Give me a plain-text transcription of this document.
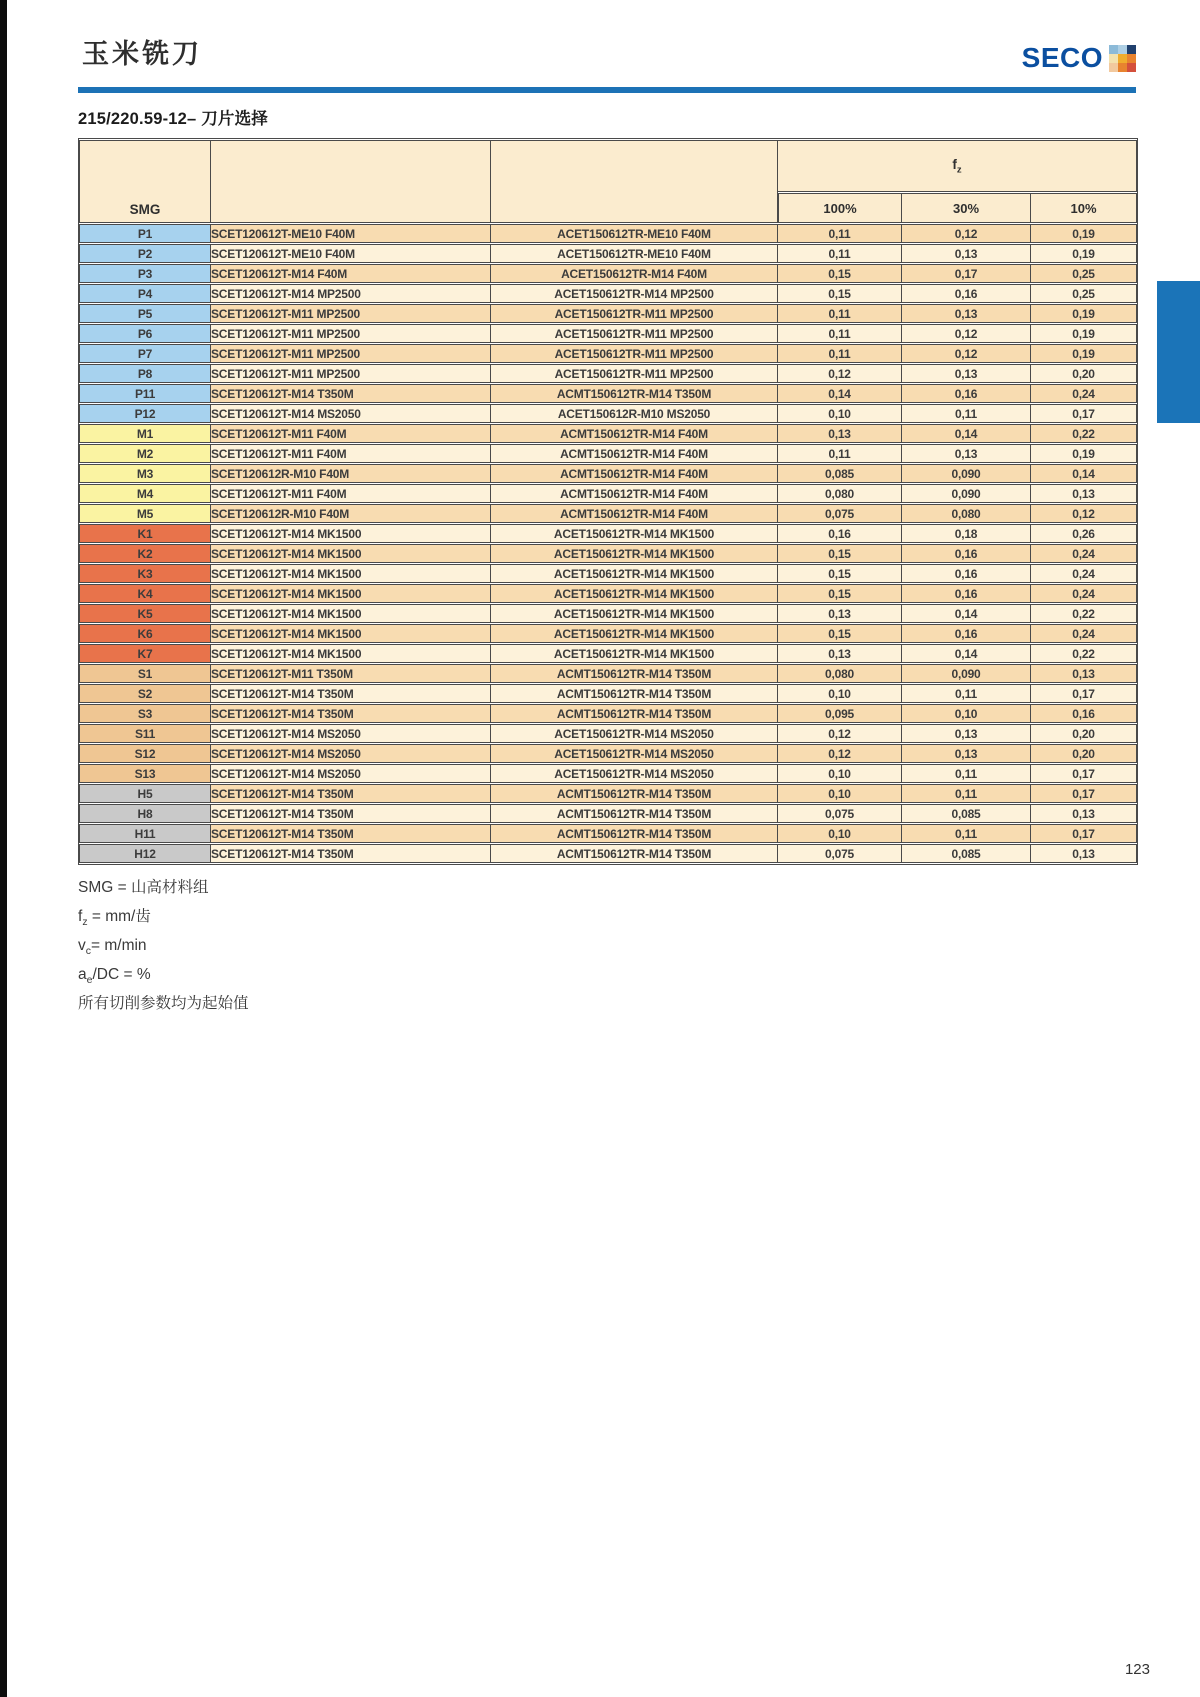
玉米铣刀	SECO
215/220.59-12– 刀片选择
SMG			$f_z$
			100%	30%	10%
P1	SCET120612T-ME10 F40M	ACET150612TR-ME10 F40M	0,11	0,12	0,19
P2	SCET120612T-ME10 F40M	ACET150612TR-ME10 F40M	0,11	0,13	0,19
P3	SCET120612T-M14 F40M	ACET150612TR-M14 F40M	0,15	0,17	0,25
P4	SCET120612T-M14 MP2500	ACET150612TR-M14 MP2500	0,15	0,16	0,25
P5	SCET120612T-M11 MP2500	ACET150612TR-M11 MP2500	0,11	0,13	0,19
P6	SCET120612T-M11 MP2500	ACET150612TR-M11 MP2500	0,11	0,12	0,19
P7	SCET120612T-M11 MP2500	ACET150612TR-M11 MP2500	0,11	0,12	0,19
P8	SCET120612T-M11 MP2500	ACET150612TR-M11 MP2500	0,12	0,13	0,20
P11	SCET120612T-M14 T350M	ACMT150612TR-M14 T350M	0,14	0,16	0,24
P12	SCET120612T-M14 MS2050	ACET150612R-M10 MS2050	0,10	0,11	0,17
M1	SCET120612T-M11 F40M	ACMT150612TR-M14 F40M	0,13	0,14	0,22
M2	SCET120612T-M11 F40M	ACMT150612TR-M14 F40M	0,11	0,13	0,19
M3	SCET120612R-M10 F40M	ACMT150612TR-M14 F40M	0,085	0,090	0,14
M4	SCET120612T-M11 F40M	ACMT150612TR-M14 F40M	0,080	0,090	0,13
M5	SCET120612R-M10 F40M	ACMT150612TR-M14 F40M	0,075	0,080	0,12
K1	SCET120612T-M14 MK1500	ACET150612TR-M14 MK1500	0,16	0,18	0,26
K2	SCET120612T-M14 MK1500	ACET150612TR-M14 MK1500	0,15	0,16	0,24
K3	SCET120612T-M14 MK1500	ACET150612TR-M14 MK1500	0,15	0,16	0,24
K4	SCET120612T-M14 MK1500	ACET150612TR-M14 MK1500	0,15	0,16	0,24
K5	SCET120612T-M14 MK1500	ACET150612TR-M14 MK1500	0,13	0,14	0,22
K6	SCET120612T-M14 MK1500	ACET150612TR-M14 MK1500	0,15	0,16	0,24
K7	SCET120612T-M14 MK1500	ACET150612TR-M14 MK1500	0,13	0,14	0,22
S1	SCET120612T-M11 T350M	ACMT150612TR-M14 T350M	0,080	0,090	0,13
S2	SCET120612T-M14 T350M	ACMT150612TR-M14 T350M	0,10	0,11	0,17
S3	SCET120612T-M14 T350M	ACMT150612TR-M14 T350M	0,095	0,10	0,16
S11	SCET120612T-M14 MS2050	ACET150612TR-M14 MS2050	0,12	0,13	0,20
S12	SCET120612T-M14 MS2050	ACET150612TR-M14 MS2050	0,12	0,13	0,20
S13	SCET120612T-M14 MS2050	ACET150612TR-M14 MS2050	0,10	0,11	0,17
H5	SCET120612T-M14 T350M	ACMT150612TR-M14 T350M	0,10	0,11	0,17
H8	SCET120612T-M14 T350M	ACMT150612TR-M14 T350M	0,075	0,085	0,13
H11	SCET120612T-M14 T350M	ACMT150612TR-M14 T350M	0,10	0,11	0,17
H12	SCET120612T-M14 T350M	ACMT150612TR-M14 T350M	0,075	0,085	0,13
SMG = 山高材料组
$f_z = mm/$齿
$v_c= m/\min$
$a_e/DC$ = %
所有切削参数均为起始值
123
